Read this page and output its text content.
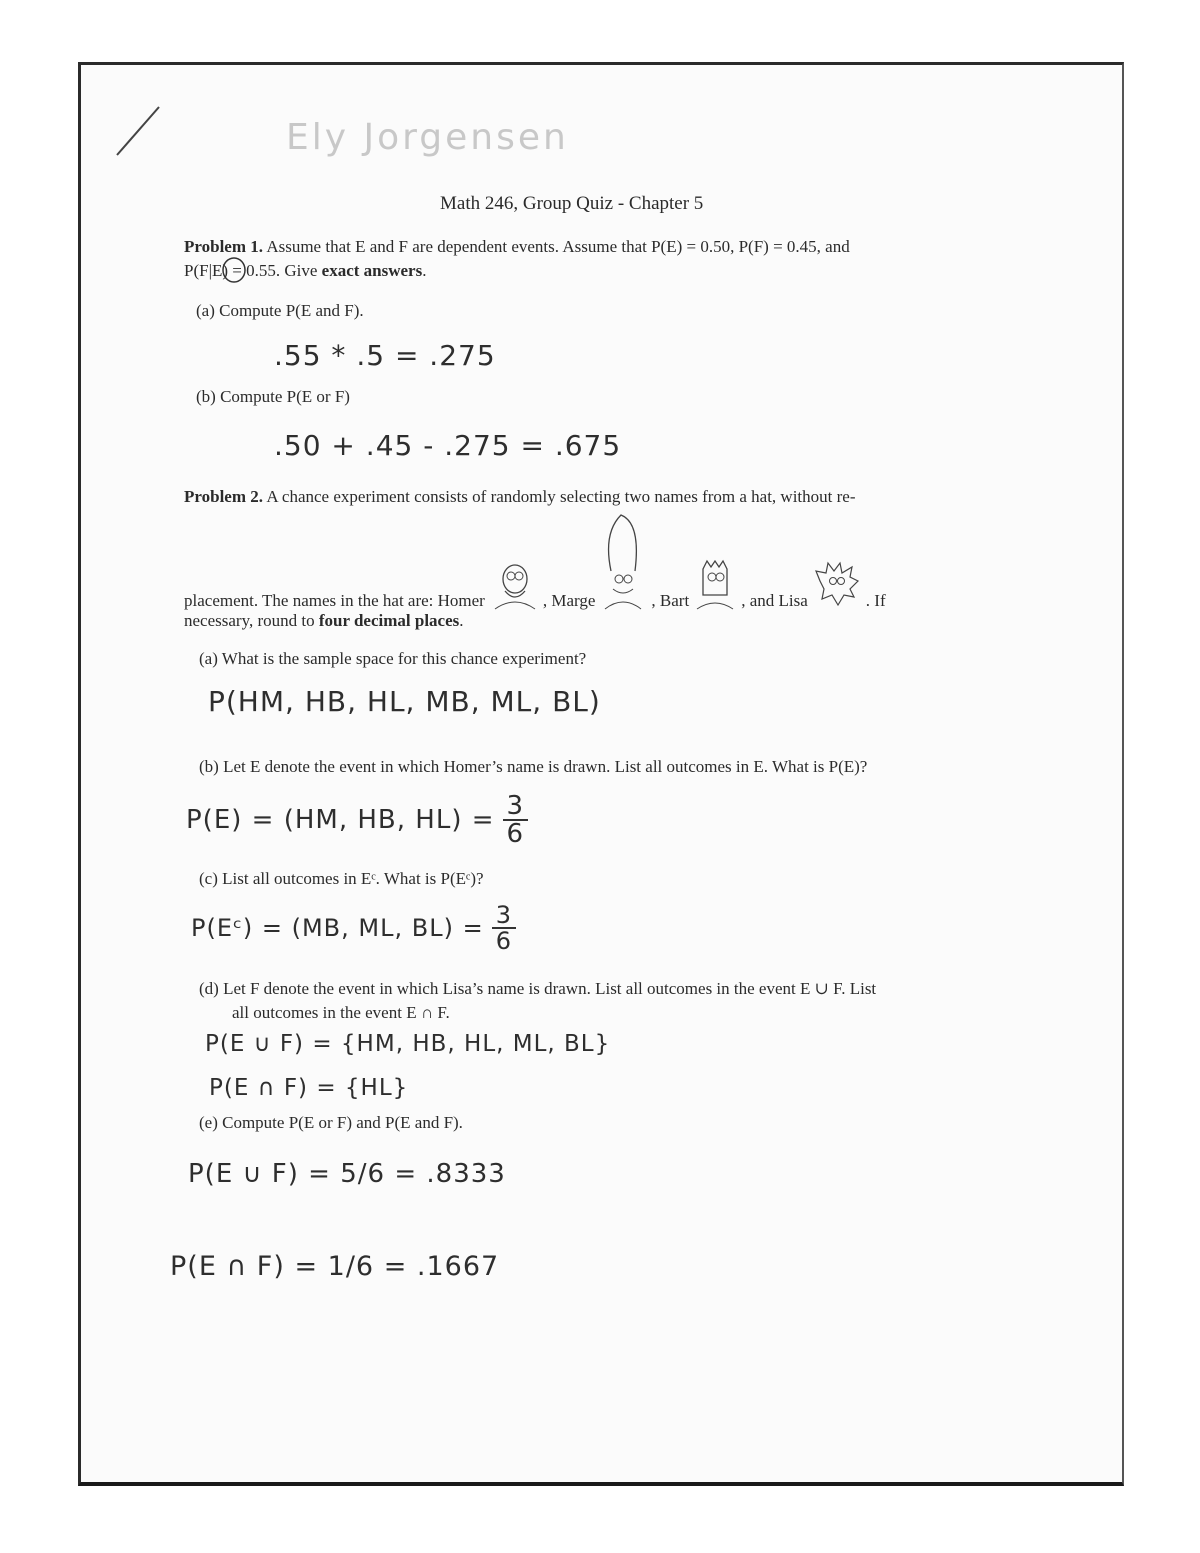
Ely Jorgensen
Math 246, Group Quiz - Chapter 5
Problem 1. Assume that E and F are dependent events. Assume that P(E) = 0.50, P(F) = 0.45, and
P(F|E) = 0.55. Give exact answers.
(a) Compute P(E and F).
.55 * .5 = .275
(b) Compute P(E or F)
.50 + .45 - .275 = .675
Problem 2. A chance experiment consists of randomly selecting two names from a hat, without re-
placement. The names in the hat are: Homer	, Marge	, Bart	, and Lisa	. If
necessary, round to four decimal places.
(a) What is the sample space for this chance experiment?
P(HM, HB, HL, MB, ML, BL)
(b) Let E denote the event in which Homer’s name is drawn. List all outcomes in E. What is P(E)?
P(E) = (HM, HB, $HL) = \frac{3}{6}$
(c) List all outcomes in Eᶜ. What is P(Eᶜ)?
P(Eᶜ) = (MB, ML, $BL) = \frac{3}{6}$
(d) Let F denote the event in which Lisa’s name is drawn. List all outcomes in the event E ∪ F. List
all outcomes in the event E ∩ F.
P(E ∪ F) = {HM, HB, HL, ML, BL}
P(E ∩ F) = {HL}
(e) Compute P(E or F) and P(E and F).
P(E ∪ F) = 5/6 = .8333
P(E ∩ F) = 1/6 = .1667
